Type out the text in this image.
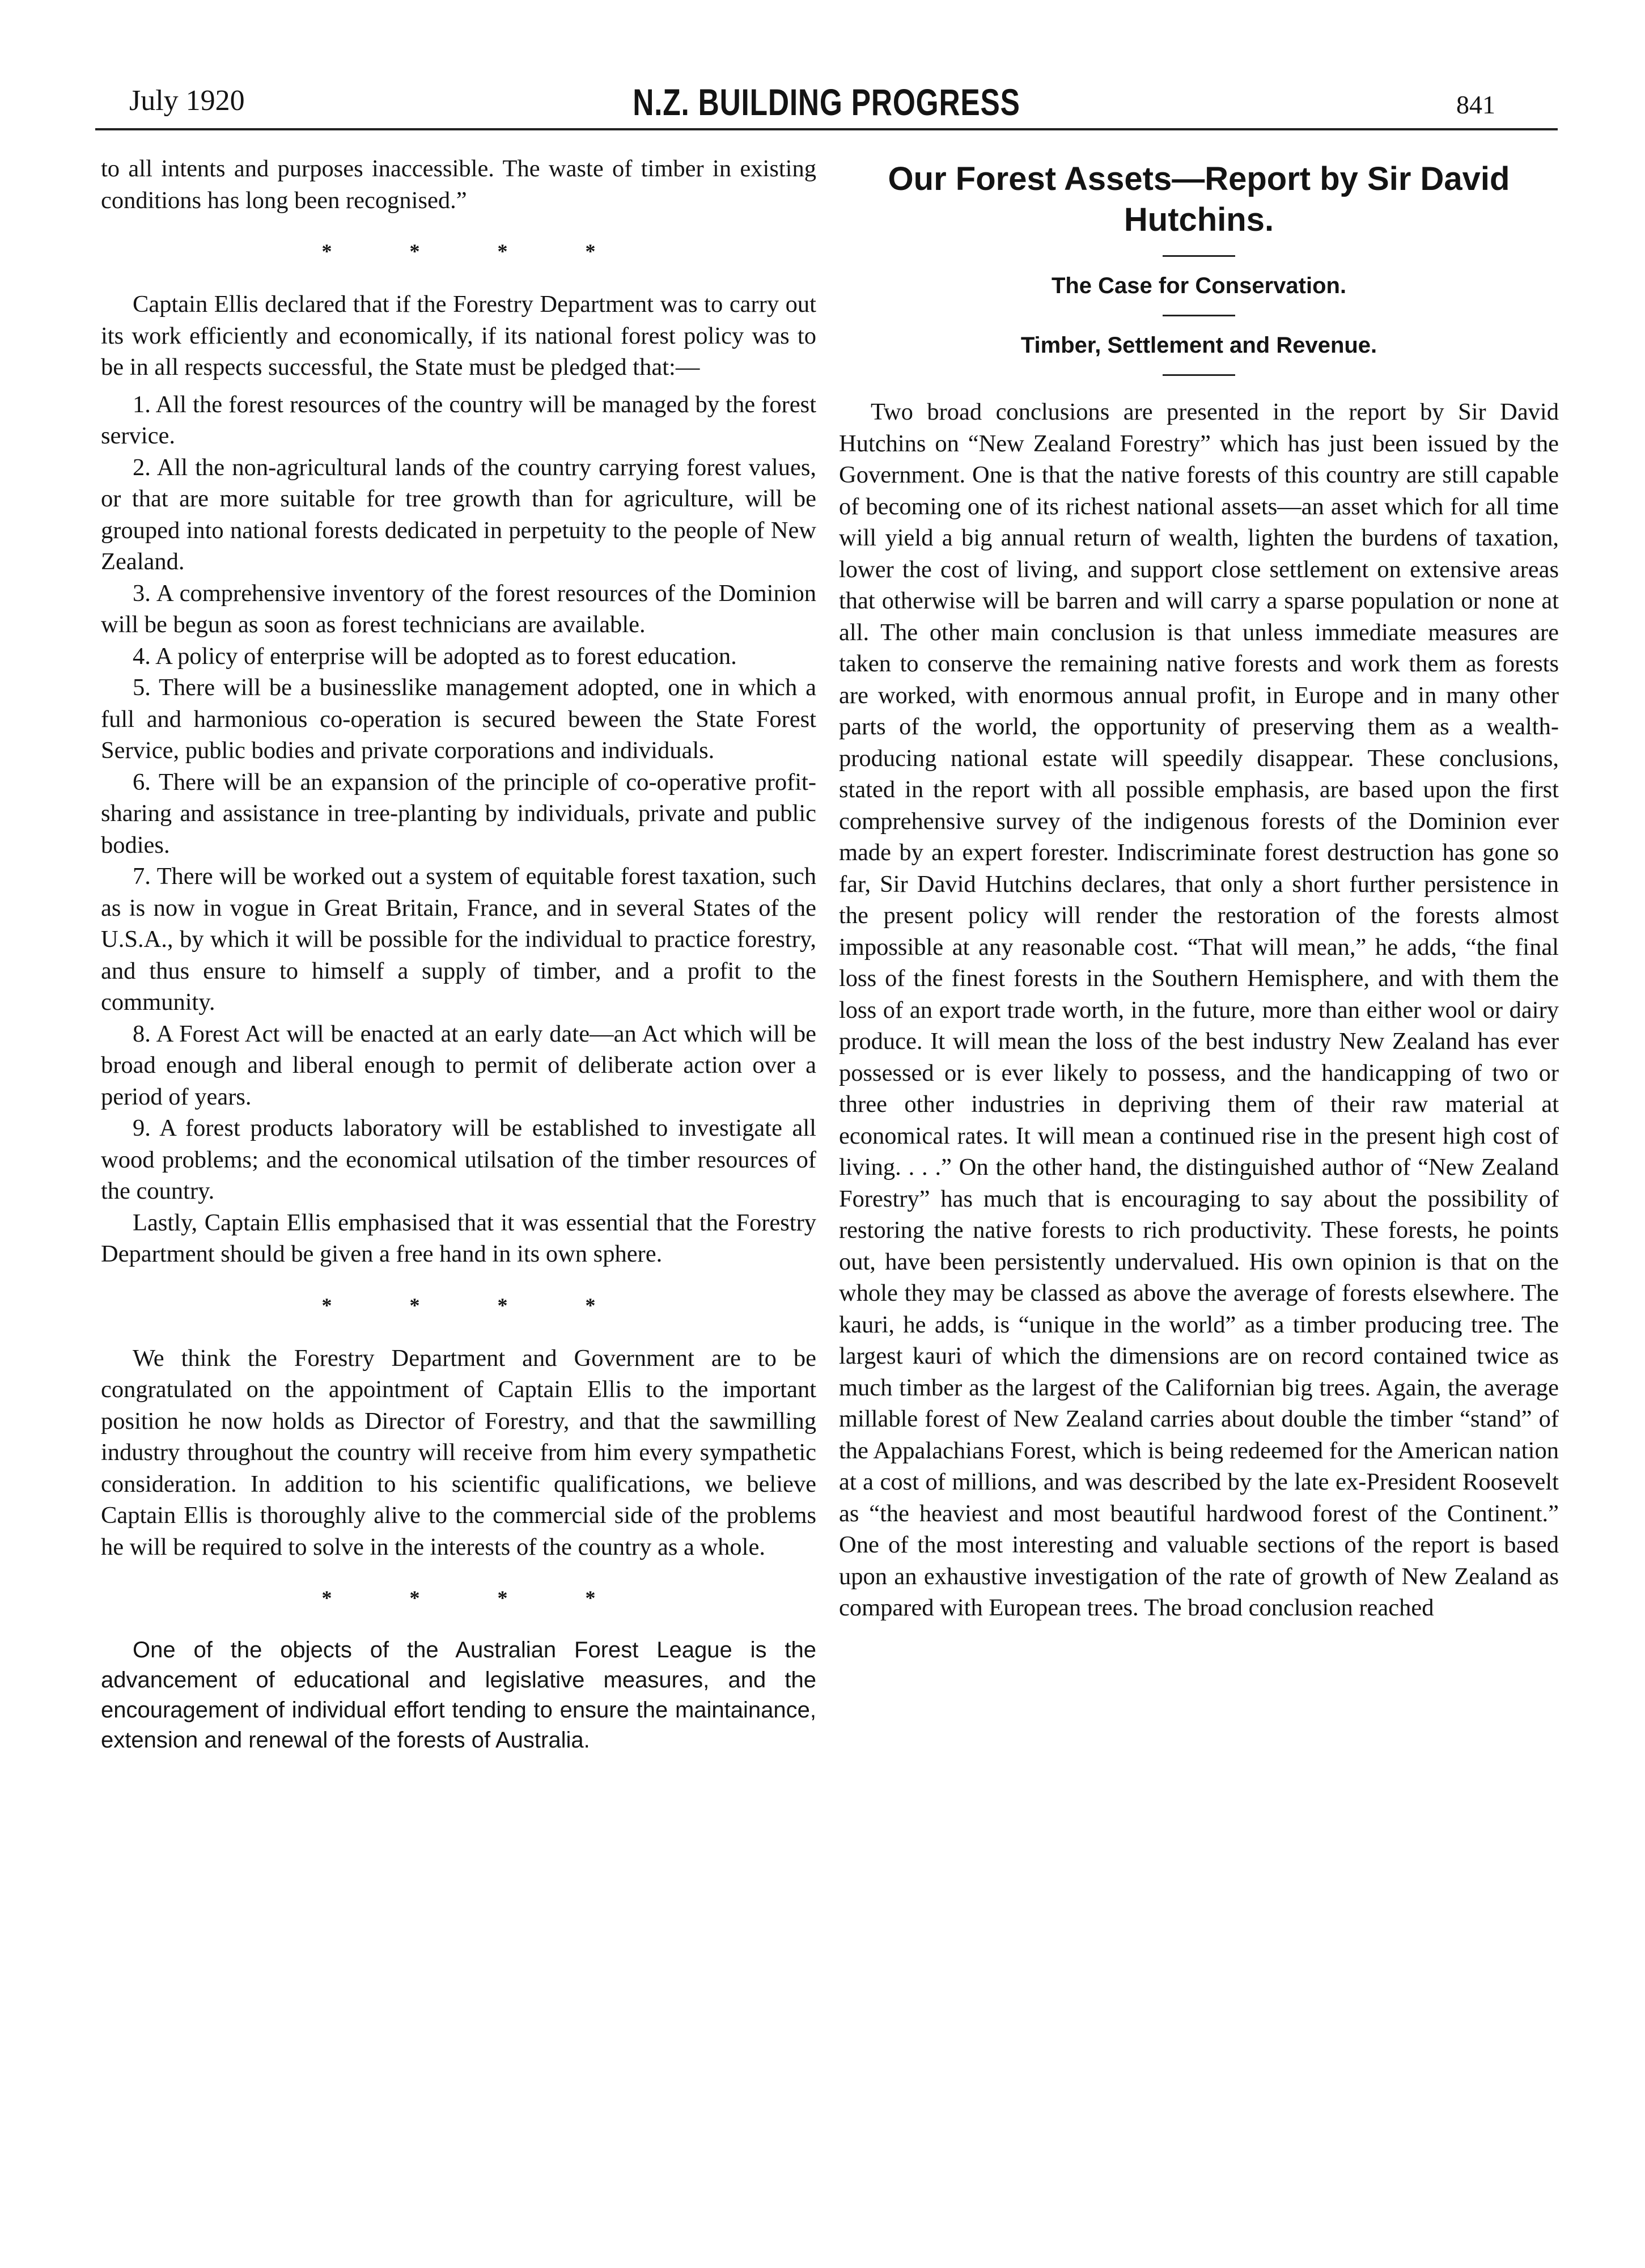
July 1920	N.Z. BUILDING PROGRESS	841

to all intents and purposes inaccessible. The waste of timber in existing conditions has long been recognised.”

* * * *

Captain Ellis declared that if the Forestry Department was to carry out its work efficiently and economically, if its national forest policy was to be in all respects successful, the State must be pledged that:—

1. All the forest resources of the country will be managed by the forest service.

2. All the non-agricultural lands of the country carrying forest values, or that are more suitable for tree growth than for agriculture, will be grouped into national forests dedicated in perpetuity to the people of New Zealand.

3. A comprehensive inventory of the forest resources of the Dominion will be begun as soon as forest technicians are available.

4. A policy of enterprise will be adopted as to forest education.

5. There will be a businesslike management adopted, one in which a full and harmonious co-operation is secured beween the State Forest Service, public bodies and private corporations and individuals.

6. There will be an expansion of the principle of co-operative profit-sharing and assistance in tree-planting by individuals, private and public bodies.

7. There will be worked out a system of equitable forest taxation, such as is now in vogue in Great Britain, France, and in several States of the U.S.A., by which it will be possible for the individual to practice forestry, and thus ensure to himself a supply of timber, and a profit to the community.

8. A Forest Act will be enacted at an early date—an Act which will be broad enough and liberal enough to permit of deliberate action over a period of years.

9. A forest products laboratory will be established to investigate all wood problems; and the economical utilsation of the timber resources of the country.

Lastly, Captain Ellis emphasised that it was essential that the Forestry Department should be given a free hand in its own sphere.

* * * *

We think the Forestry Department and Government are to be congratulated on the appointment of Captain Ellis to the important position he now holds as Director of Forestry, and that the sawmilling industry throughout the country will receive from him every sympathetic consideration. In addition to his scientific qualifications, we believe Captain Ellis is thoroughly alive to the commercial side of the problems he will be required to solve in the interests of the country as a whole.

* * * *

One of the objects of the Australian Forest League is the advancement of educational and legislative measures, and the encouragement of individual effort tending to ensure the maintainance, extension and renewal of the forests of Australia.

Our Forest Assets—Report by Sir David Hutchins.
The Case for Conservation.
Timber, Settlement and Revenue.

Two broad conclusions are presented in the report by Sir David Hutchins on “New Zealand Forestry” which has just been issued by the Government. One is that the native forests of this country are still capable of becoming one of its richest national assets—an asset which for all time will yield a big annual return of wealth, lighten the burdens of taxation, lower the cost of living, and support close settlement on extensive areas that otherwise will be barren and will carry a sparse population or none at all. The other main conclusion is that unless immediate measures are taken to conserve the remaining native forests and work them as forests are worked, with enormous annual profit, in Europe and in many other parts of the world, the opportunity of preserving them as a wealth-producing national estate will speedily disappear. These conclusions, stated in the report with all possible emphasis, are based upon the first comprehensive survey of the indigenous forests of the Dominion ever made by an expert forester. Indiscriminate forest destruction has gone so far, Sir David Hutchins declares, that only a short further persistence in the present policy will render the restoration of the forests almost impossible at any reasonable cost. “That will mean,” he adds, “the final loss of the finest forests in the Southern Hemisphere, and with them the loss of an export trade worth, in the future, more than either wool or dairy produce. It will mean the loss of the best industry New Zealand has ever possessed or is ever likely to possess, and the handicapping of two or three other industries in depriving them of their raw material at economical rates. It will mean a continued rise in the present high cost of living. . . .” On the other hand, the distinguished author of “New Zealand Forestry” has much that is encouraging to say about the possibility of restoring the native forests to rich productivity. These forests, he points out, have been persistently undervalued. His own opinion is that on the whole they may be classed as above the average of forests elsewhere. The kauri, he adds, is “unique in the world” as a timber producing tree. The largest kauri of which the dimensions are on record contained twice as much timber as the largest of the Californian big trees. Again, the average millable forest of New Zealand carries about double the timber “stand” of the Appalachians Forest, which is being redeemed for the American nation at a cost of millions, and was described by the late ex-President Roosevelt as “the heaviest and most beautiful hardwood forest of the Continent.” One of the most interesting and valuable sections of the report is based upon an exhaustive investigation of the rate of growth of New Zealand as compared with European trees. The broad conclusion reached
